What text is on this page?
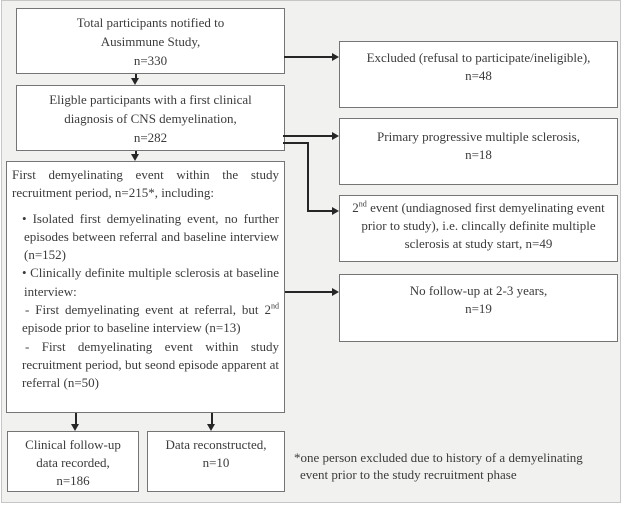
Total participants notified to
Ausimmune Study,
n=330
Eligble participants with a first clinical
diagnosis of CNS demyelination,
n=282

First demyelinating event within the study recruitment period, n=215*, including:

• Isolated first demyelinating event, no further episodes between referral and baseline interview (n=152)
• Clinically definite multiple sclerosis at baseline interview:
- First demyelinating event at referral, but 2nd episode prior to baseline interview (n=13)
- First demyelinating event within study recruitment period, but seond episode apparent at referral (n=50)
Clinical follow-up
data recorded,
n=186
Data reconstructed,
n=10
Excluded (refusal to participate/ineligible),
n=48
Primary progressive multiple sclerosis,
n=18
2nd event (undiagnosed first demyelinating event prior to study), i.e. clincally definite multiple sclerosis at study start, n=49
No follow-up at 2-3 years,
n=19
*one person excluded due to history of a demyelinating event prior to the study recruitment phase
